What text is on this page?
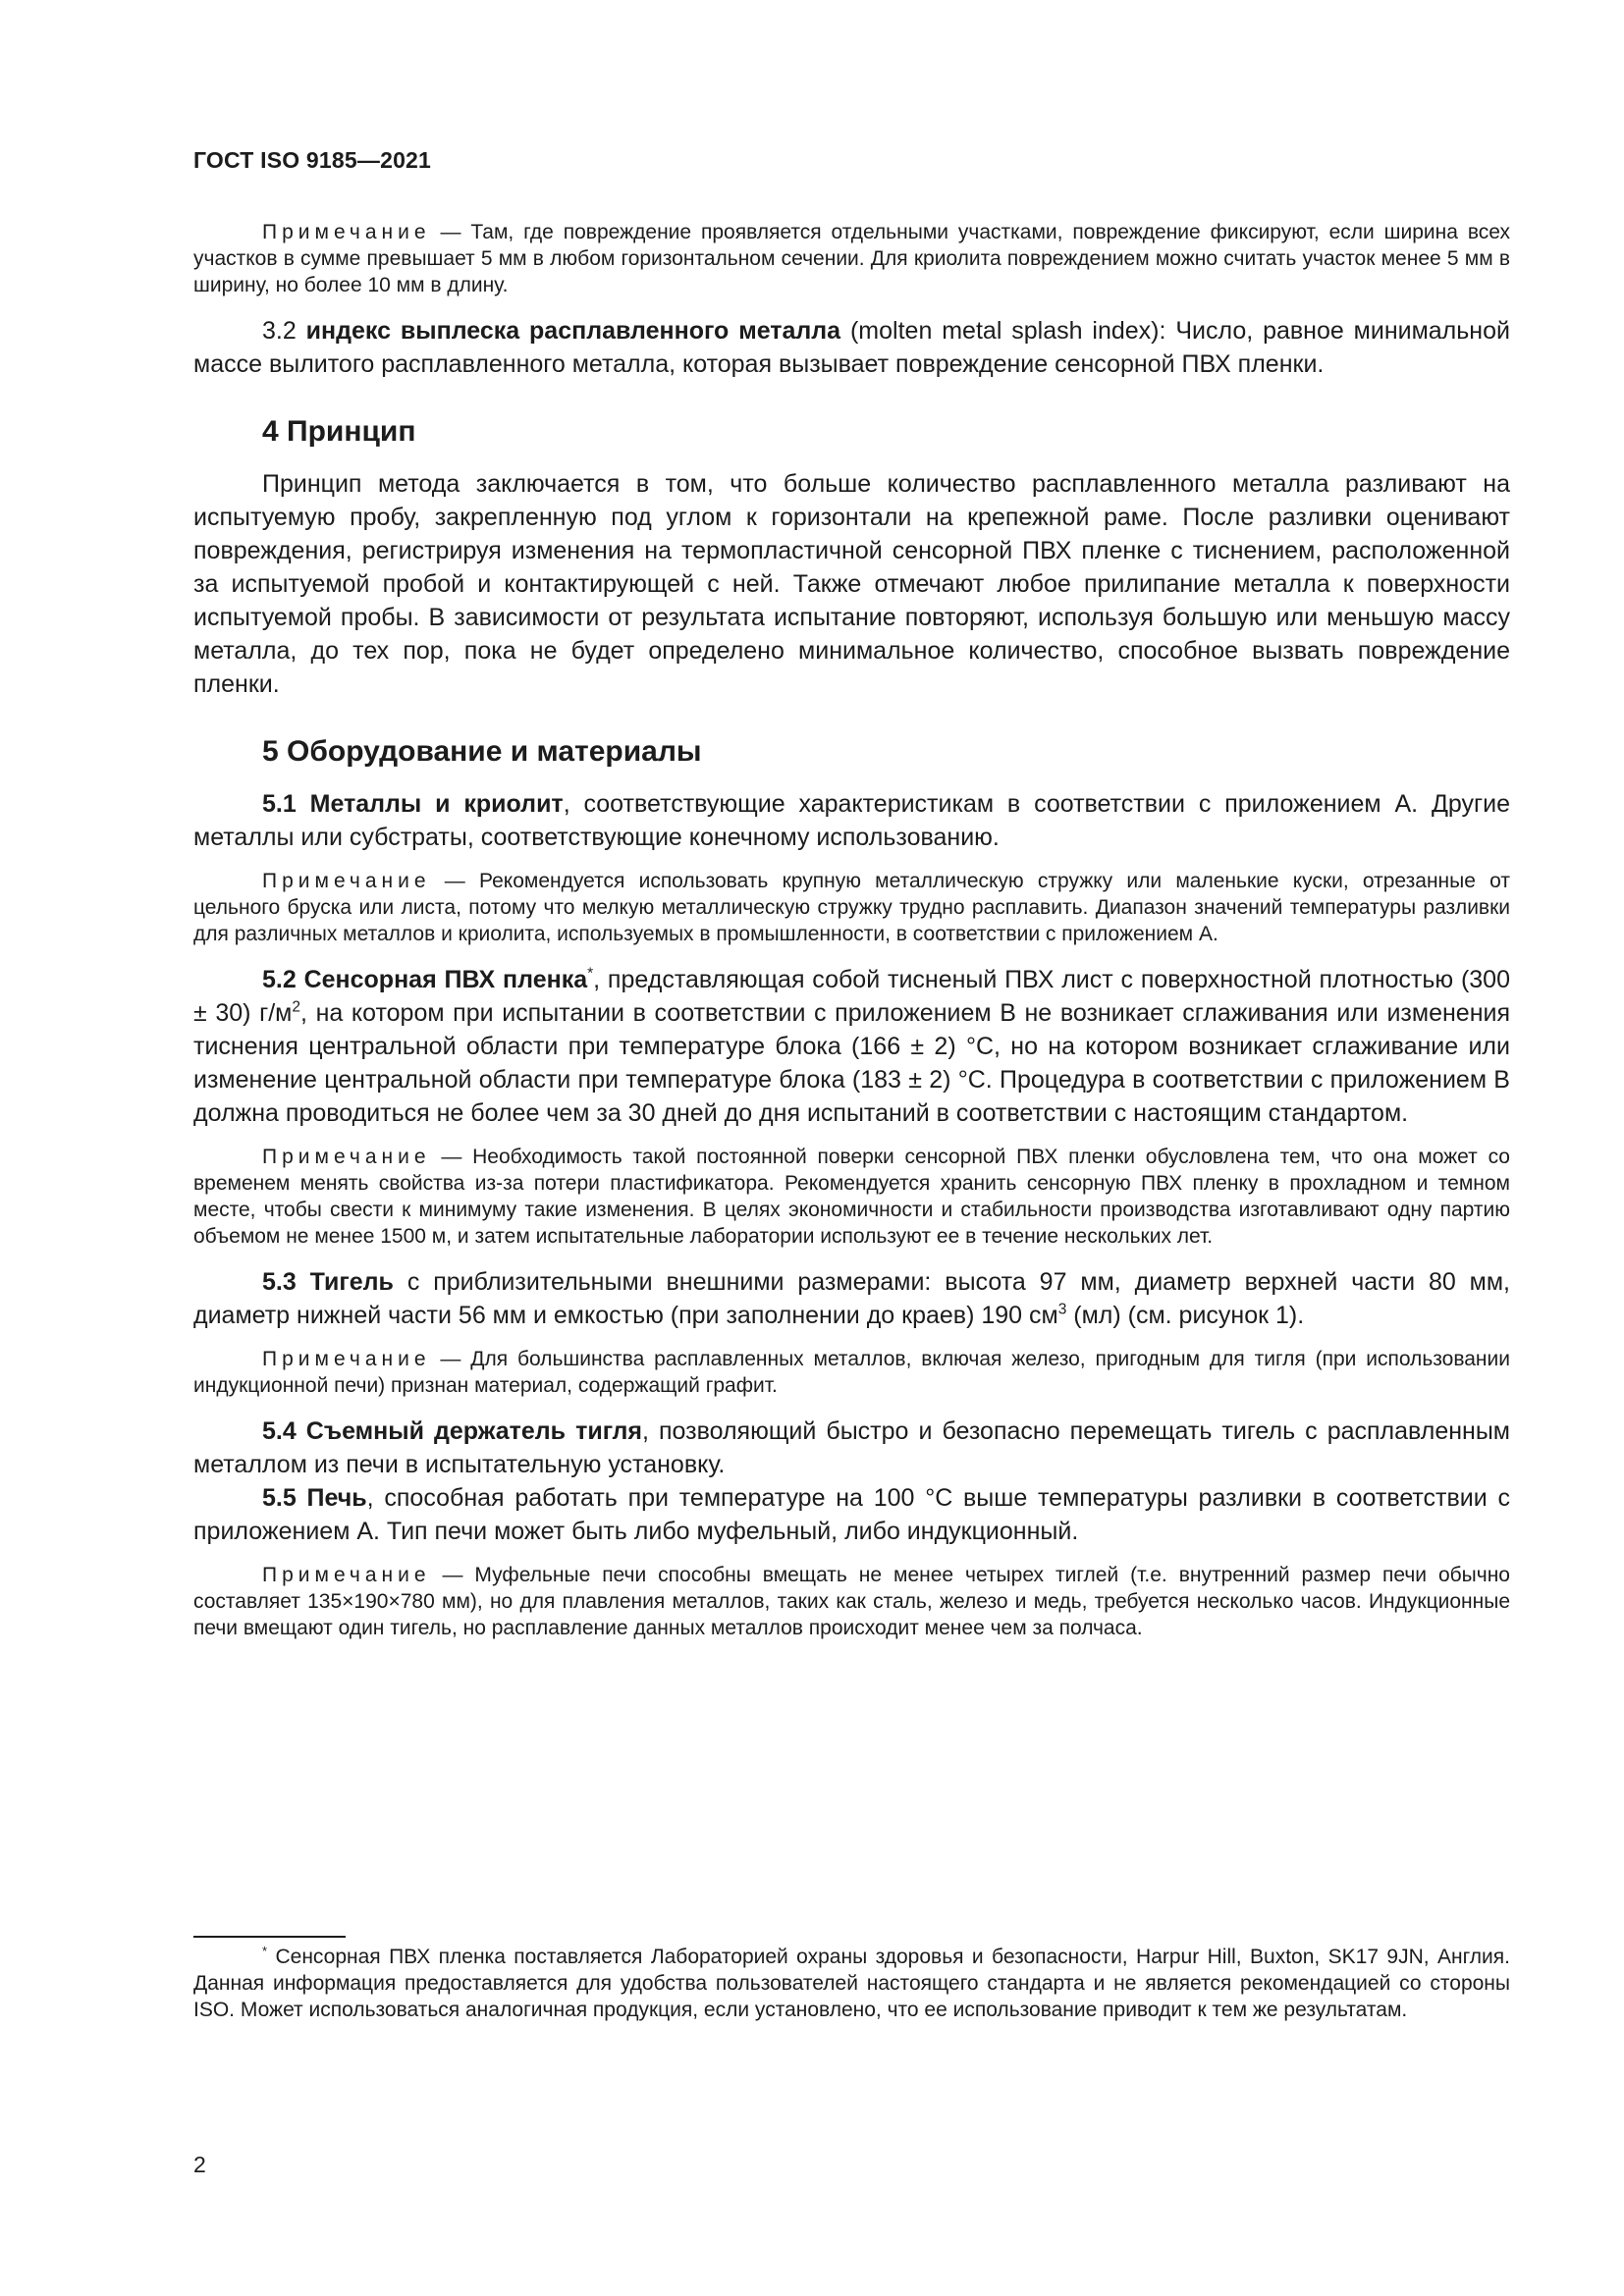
ГОСТ ISO 9185—2021

Примечание — Там, где повреждение проявляется отдельными участками, повреждение фиксируют, если ширина всех участков в сумме превышает 5 мм в любом горизонтальном сечении. Для криолита повреждением можно считать участок менее 5 мм в ширину, но более 10 мм в длину.

3.2 индекс выплеска расплавленного металла (molten metal splash index): Число, равное минимальной массе вылитого расплавленного металла, которая вызывает повреждение сенсорной ПВХ пленки.

4 Принцип

Принцип метода заключается в том, что больше количество расплавленного металла разливают на испытуемую пробу, закрепленную под углом к горизонтали на крепежной раме. После разливки оценивают повреждения, регистрируя изменения на термопластичной сенсорной ПВХ пленке с тиснением, расположенной за испытуемой пробой и контактирующей с ней. Также отмечают любое прилипание металла к поверхности испытуемой пробы. В зависимости от результата испытание повторяют, используя большую или меньшую массу металла, до тех пор, пока не будет определено минимальное количество, способное вызвать повреждение пленки.

5 Оборудование и материалы

5.1 Металлы и криолит, соответствующие характеристикам в соответствии с приложением А. Другие металлы или субстраты, соответствующие конечному использованию.

Примечание — Рекомендуется использовать крупную металлическую стружку или маленькие куски, отрезанные от цельного бруска или листа, потому что мелкую металлическую стружку трудно расплавить. Диапазон значений температуры разливки для различных металлов и криолита, используемых в промышленности, в соответствии с приложением А.

5.2 Сенсорная ПВХ пленка*, представляющая собой тисненый ПВХ лист с поверхностной плотностью (300 ± 30) $г/м^2$, на котором при испытании в соответствии с приложением В не возникает сглаживания или изменения тиснения центральной области при температуре блока (166 ± 2) °С, но на котором возникает сглаживание или изменение центральной области при температуре блока (183 ± 2) °С. Процедура в соответствии с приложением В должна проводиться не более чем за 30 дней до дня испытаний в соответствии с настоящим стандартом.

Примечание — Необходимость такой постоянной поверки сенсорной ПВХ пленки обусловлена тем, что она может со временем менять свойства из-за потери пластификатора. Рекомендуется хранить сенсорную ПВХ пленку в прохладном и темном месте, чтобы свести к минимуму такие изменения. В целях экономичности и стабильности производства изготавливают одну партию объемом не менее 1500 м, и затем испытательные лаборатории используют ее в течение нескольких лет.

5.3 Тигель с приблизительными внешними размерами: высота 97 мм, диаметр верхней части 80 мм, диаметр нижней части 56 мм и емкостью (при заполнении до краев) 190 $см^3$ (мл) (см. рисунок 1).

Примечание — Для большинства расплавленных металлов, включая железо, пригодным для тигля (при использовании индукционной печи) признан материал, содержащий графит.

5.4 Съемный держатель тигля, позволяющий быстро и безопасно перемещать тигель с расплавленным металлом из печи в испытательную установку.

5.5 Печь, способная работать при температуре на 100 °С выше температуры разливки в соответствии с приложением А. Тип печи может быть либо муфельный, либо индукционный.

Примечание — Муфельные печи способны вмещать не менее четырех тиглей (т.е. внутренний размер печи обычно составляет 135×190×780 мм), но для плавления металлов, таких как сталь, железо и медь, требуется несколько часов. Индукционные печи вмещают один тигель, но расплавление данных металлов происходит менее чем за полчаса.

* Сенсорная ПВХ пленка поставляется Лабораторией охраны здоровья и безопасности, Harpur Hill, Buxton, SK17 9JN, Англия. Данная информация предоставляется для удобства пользователей настоящего стандарта и не является рекомендацией со стороны ISO. Может использоваться аналогичная продукция, если установлено, что ее использование приводит к тем же результатам.

2
